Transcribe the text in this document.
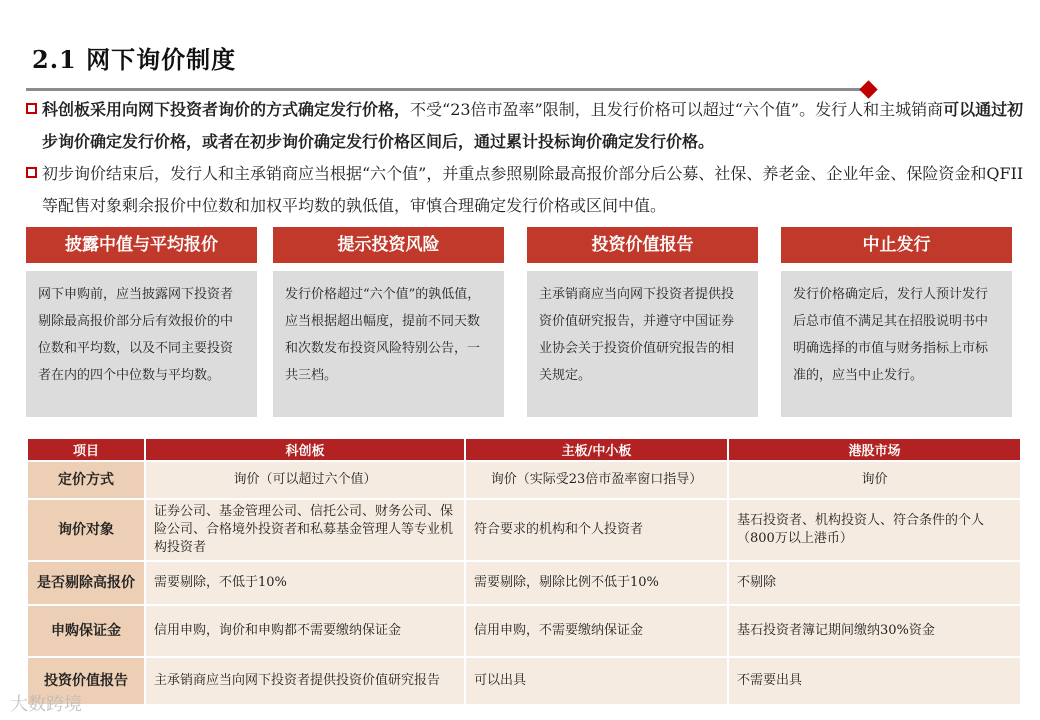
2.1 网下询价制度
科创板采用向网下投资者询价的方式确定发行价格，不受“23倍市盈率”限制，且发行价格可以超过“六个值”。发行人和主城销商可以通过初步询价确定发行价格，或者在初步询价确定发行价格区间后，通过累计投标询价确定发行价格。
初步询价结束后，发行人和主承销商应当根据“六个值”，并重点参照剔除最高报价部分后公募、社保、养老金、企业年金、保险资金和QFII等配售对象剩余报价中位数和加权平均数的孰低值，审慎合理确定发行价格或区间中值。
披露中值与平均报价	提示投资风险	投资价值报告	中止发行
网下申购前，应当披露网下投资者剔除最高报价部分后有效报价的中位数和平均数，以及不同主要投资者在内的四个中位数与平均数。
发行价格超过“六个值”的孰低值，应当根据超出幅度，提前不同天数和次数发布投资风险特别公告，一共三档。
主承销商应当向网下投资者提供投资价值研究报告，并遵守中国证券业协会关于投资价值研究报告的相关规定。
发行价格确定后，发行人预计发行后总市值不满足其在招股说明书中明确选择的市值与财务指标上市标准的，应当中止发行。
项目	科创板	主板/中小板	港股市场
定价方式	询价（可以超过六个值）	询价（实际受23倍市盈率窗口指导）	询价
询价对象	证券公司、基金管理公司、信托公司、财务公司、保险公司、合格境外投资者和私募基金管理人等专业机构投资者	符合要求的机构和个人投资者	基石投资者、机构投资人、符合条件的个人（800万以上港币）
是否剔除高报价	需要剔除，不低于10%	需要剔除，剔除比例不低于10%	不剔除
申购保证金	信用申购，询价和申购都不需要缴纳保证金	信用申购，不需要缴纳保证金	基石投资者簿记期间缴纳30%资金
投资价值报告	主承销商应当向网下投资者提供投资价值研究报告	可以出具	不需要出具
大数跨境
